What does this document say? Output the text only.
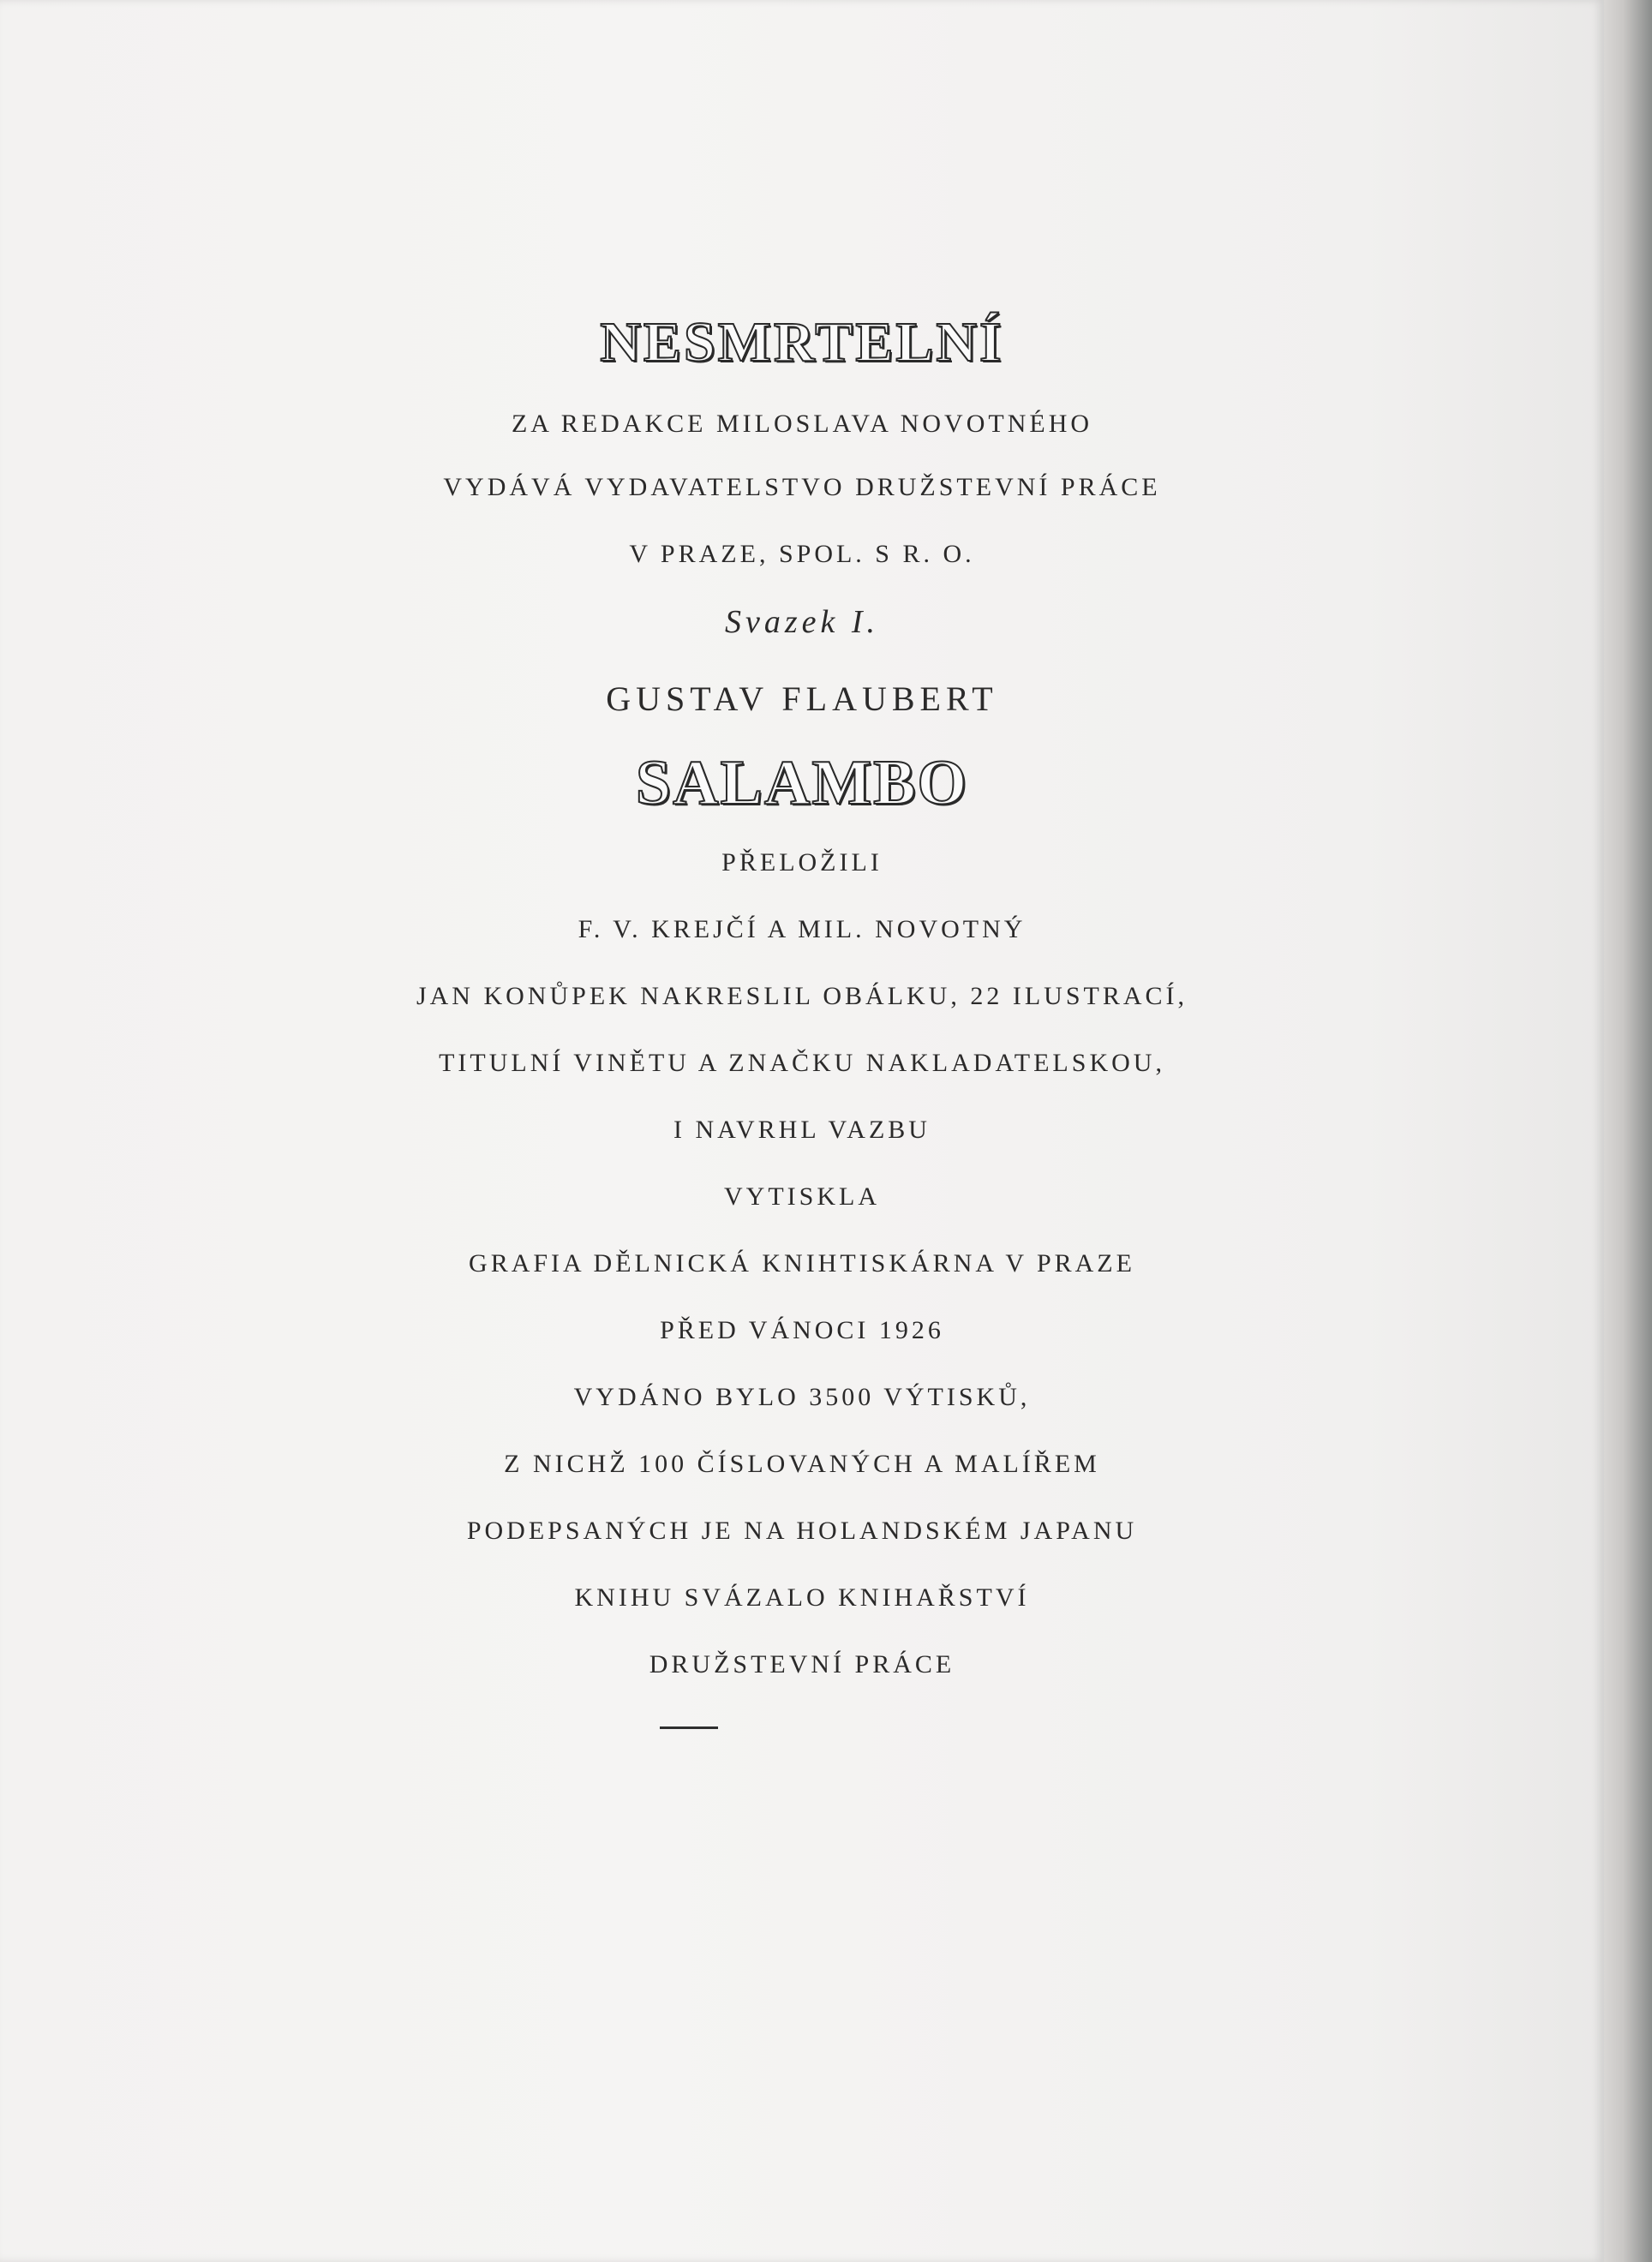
NESMRTELNÍ
ZA REDAKCE MILOSLAVA NOVOTNÉHO
VYDÁVÁ VYDAVATELSTVO DRUŽSTEVNÍ PRÁCE
V PRAZE, SPOL. S R. O.
Svazek I.
GUSTAV FLAUBERT
SALAMBO
PŘELOŽILI
F. V. KREJČÍ A MIL. NOVOTNÝ
JAN KONŮPEK NAKRESLIL OBÁLKU, 22 ILUSTRACÍ,
TITULNÍ VINĚTU A ZNAČKU NAKLADATELSKOU,
I NAVRHL VAZBU
VYTISKLA
GRAFIA DĚLNICKÁ KNIHTISKÁRNA V PRAZE
PŘED VÁNOCI 1926
VYDÁNO BYLO 3500 VÝTISKŮ,
Z NICHŽ 100 ČÍSLOVANÝCH A MALÍŘEM
PODEPSANÝCH JE NA HOLANDSKÉM JAPANU
KNIHU SVÁZALO KNIHAŘSTVÍ
DRUŽSTEVNÍ PRÁCE
